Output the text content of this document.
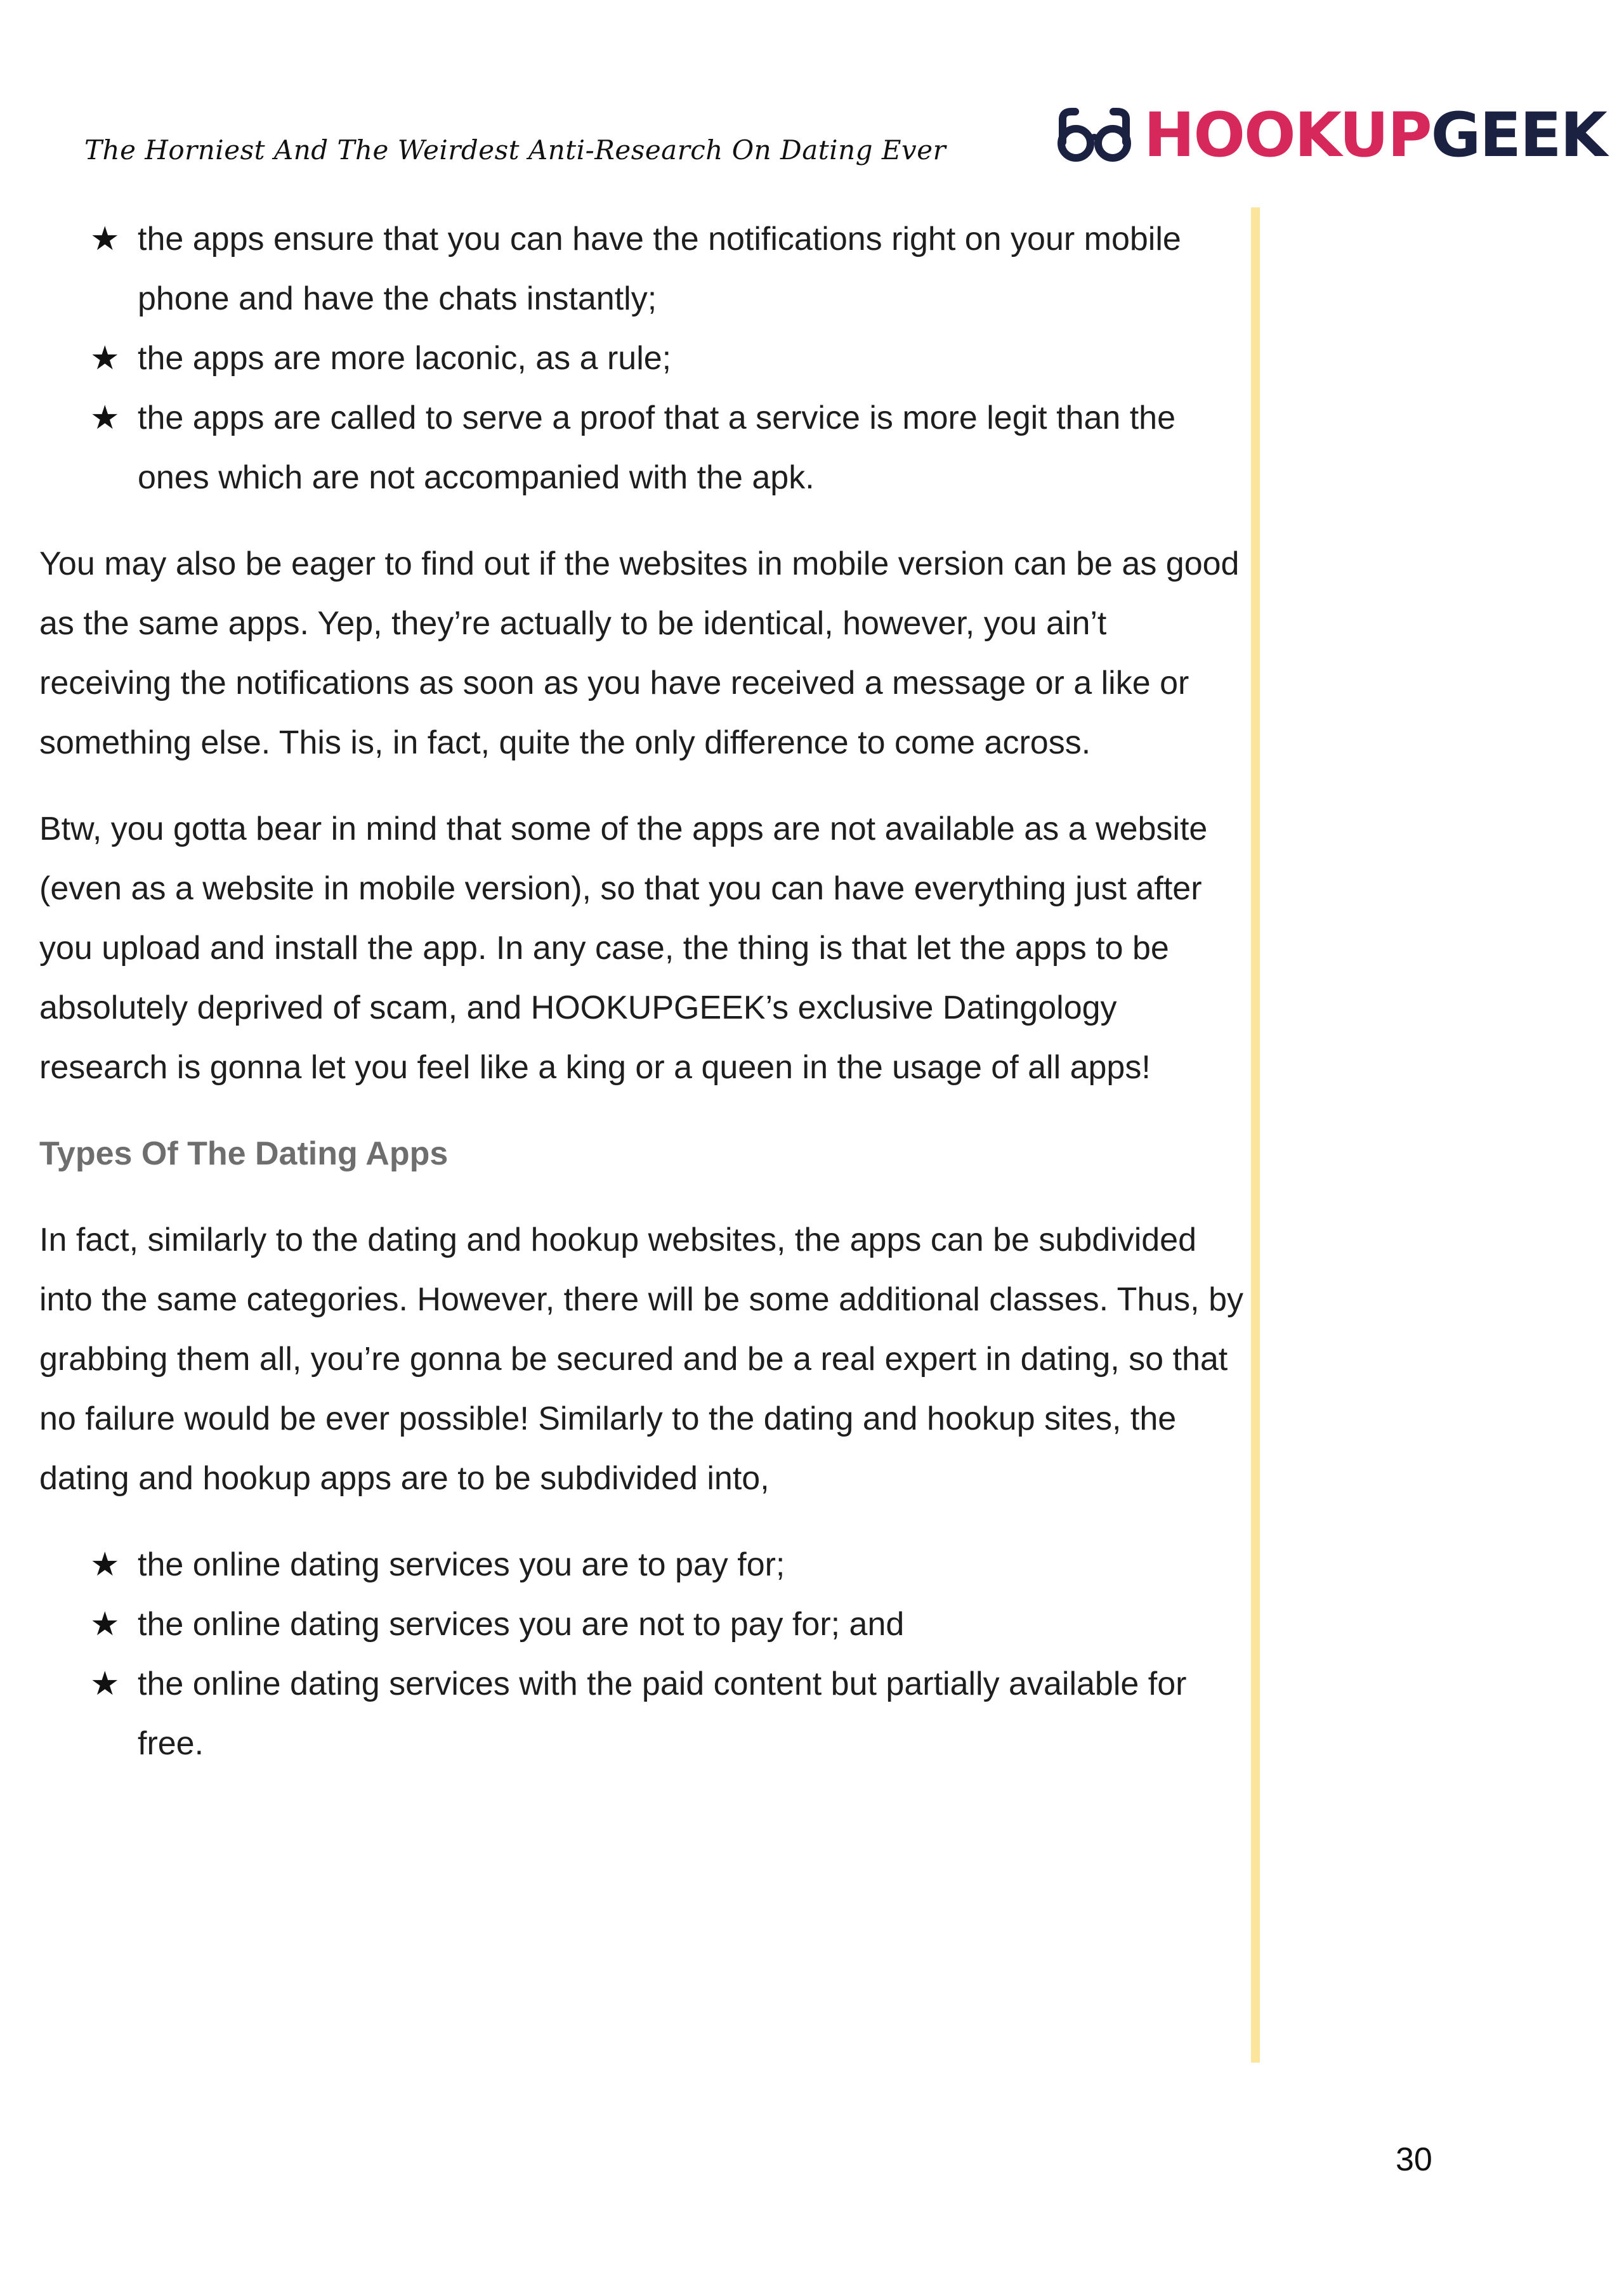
The Horniest And The Weirdest Anti-Research On Dating Ever	HOOKUPGEEK
★ the apps ensure that you can have the notifications right on your mobile phone and have the chats instantly;
★ the apps are more laconic, as a rule;
★ the apps are called to serve a proof that a service is more legit than the ones which are not accompanied with the apk.

You may also be eager to find out if the websites in mobile version can be as good as the same apps. Yep, they’re actually to be identical, however, you ain’t receiving the notifications as soon as you have received a message or a like or something else. This is, in fact, quite the only difference to come across.

Btw, you gotta bear in mind that some of the apps are not available as a website (even as a website in mobile version), so that you can have everything just after you upload and install the app. In any case, the thing is that let the apps to be absolutely deprived of scam, and HOOKUPGEEK’s exclusive Datingology research is gonna let you feel like a king or a queen in the usage of all apps!

Types Of The Dating Apps

In fact, similarly to the dating and hookup websites, the apps can be subdivided into the same categories. However, there will be some additional classes. Thus, by grabbing them all, you’re gonna be secured and be a real expert in dating, so that no failure would be ever possible! Similarly to the dating and hookup sites, the dating and hookup apps are to be subdivided into,

★ the online dating services you are to pay for;
★ the online dating services you are not to pay for; and
★ the online dating services with the paid content but partially available for free.
30
